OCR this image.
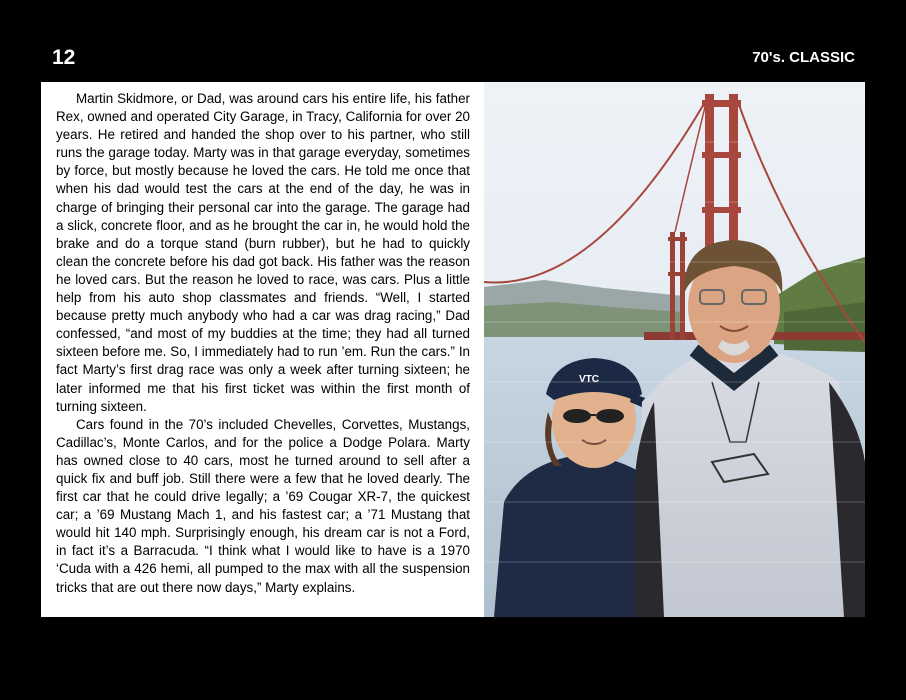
12	70's. CLASSIC

Martin Skidmore, or Dad, was around cars his entire life, his father Rex, owned and operated City Garage, in Tracy, California for over 20 years. He retired and handed the shop over to his partner, who still runs the garage today. Marty was in that garage everyday, sometimes by force, but mostly because he loved the cars. He told me once that when his dad would test the cars at the end of the day, he was in charge of bringing their personal car into the garage. The garage had a slick, concrete floor, and as he brought the car in, he would hold the brake and do a torque stand (burn rubber), but he had to quickly clean the concrete before his dad got back. His father was the reason he loved cars. But the reason he loved to race, was cars. Plus a little help from his auto shop classmates and friends. “Well, I started because pretty much anybody who had a car was drag racing,” Dad confessed, “and most of my buddies at the time; they had all turned sixteen before me. So, I immediately had to run ’em. Run the cars.” In fact Marty’s first drag race was only a week after turning sixteen; he later informed me that his first ticket was within the first month of turning sixteen.

Cars found in the 70’s included Chevelles, Corvettes, Mustangs, Cadillac’s, Monte Carlos, and for the police a Dodge Polara. Marty has owned close to 40 cars, most he turned around to sell after a quick fix and buff job. Still there were a few that he loved dearly. The first car that he could drive legally; a ’69 Cougar XR-7, the quickest car; a ’69 Mustang Mach 1, and his fastest car; a ’71 Mustang that would hit 140 mph. Surprisingly enough, his dream car is not a Ford, in fact it’s a Barracuda. “I think what I would like to have is a 1970 ‘Cuda with a 426 hemi, all pumped to the max with all the suspension tricks that are out there now days,” Marty explains.

VTC
